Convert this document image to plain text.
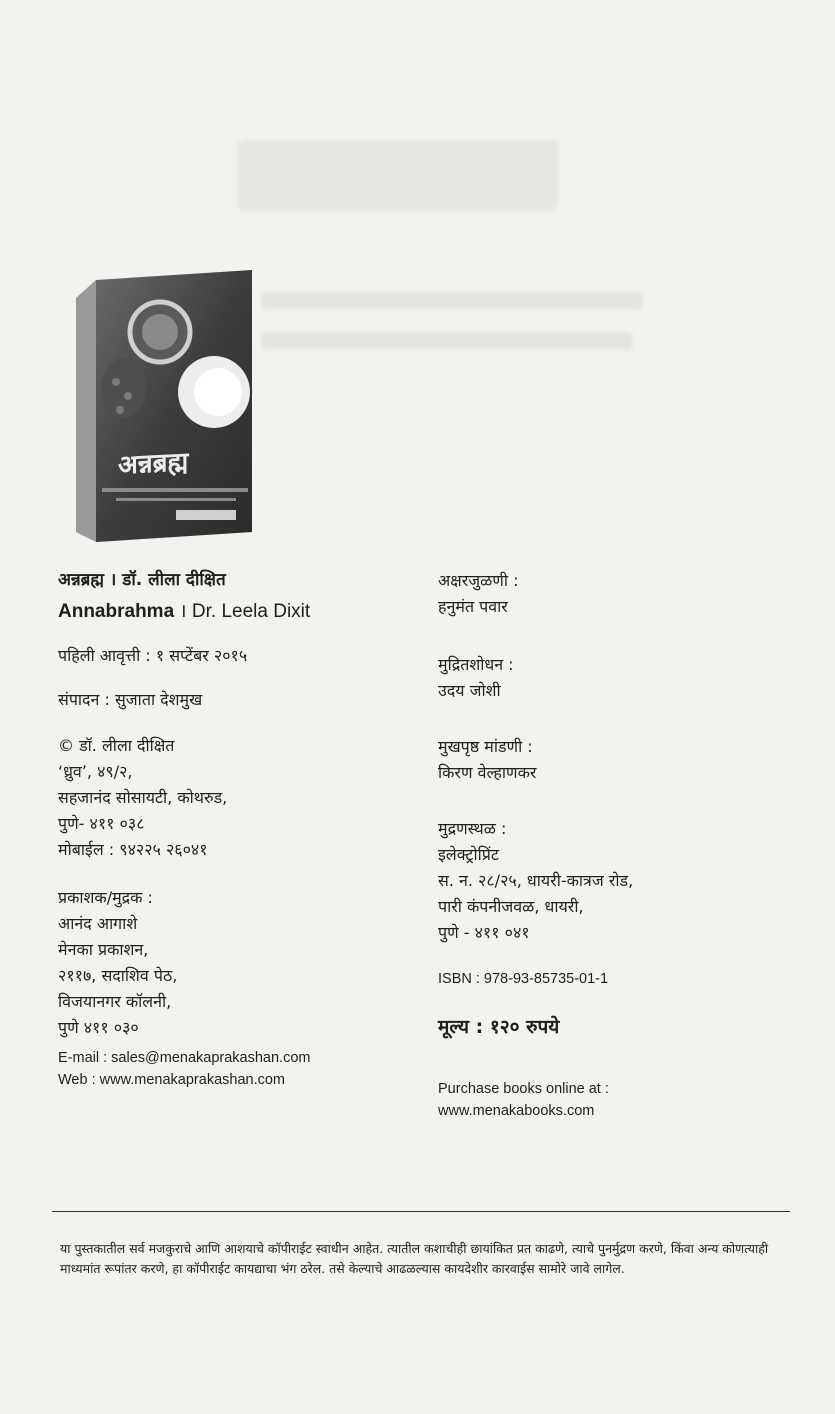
अन्नब्रह्म

अन्नब्रह्म । डॉ. लीला दीक्षित

Annabrahma । Dr. Leela Dixit

पहिली आवृत्ती : १ सप्टेंबर २०१५

संपादन : सुजाता देशमुख

© डॉ. लीला दीक्षित

‘ध्रुव’, ४९/२,

सहजानंद सोसायटी, कोथरुड,

पुणे- ४११ ०३८

मोबाईल : ९४२२५ २६०४१

प्रकाशक/मुद्रक :

आनंद आगाशे

मेनका प्रकाशन,

२११७, सदाशिव पेठ,

विजयानगर कॉलनी,

पुणे ४११ ०३०

E-mail : sales@menakaprakashan.com

Web : www.menakaprakashan.com

अक्षरजुळणी :

हनुमंत पवार

मुद्रितशोधन :

उदय जोशी

मुखपृष्ठ मांडणी :

किरण वेल्हाणकर

मुद्रणस्थळ :

इलेक्ट्रोप्रिंट

स. न. २८/२५, धायरी-कात्रज रोड,

पारी कंपनीजवळ, धायरी,

पुणे - ४११ ०४१

ISBN : 978-93-85735-01-1

मूल्य : १२० रुपये

Purchase books online at :

www.menakabooks.com

या पुस्तकातील सर्व मजकुराचे आणि आशयाचे कॉपीराईट स्वाधीन आहेत. त्यातील कशाचीही छायांकित प्रत काढणे, त्याचे पुनर्मुद्रण करणे, किंवा अन्य कोणत्याही माध्यमांत रूपांतर करणे, हा कॉपीराईट कायद्याचा भंग ठरेल. तसे केल्याचे आढळल्यास कायदेशीर कारवाईस सामोरे जावे लागेल.
